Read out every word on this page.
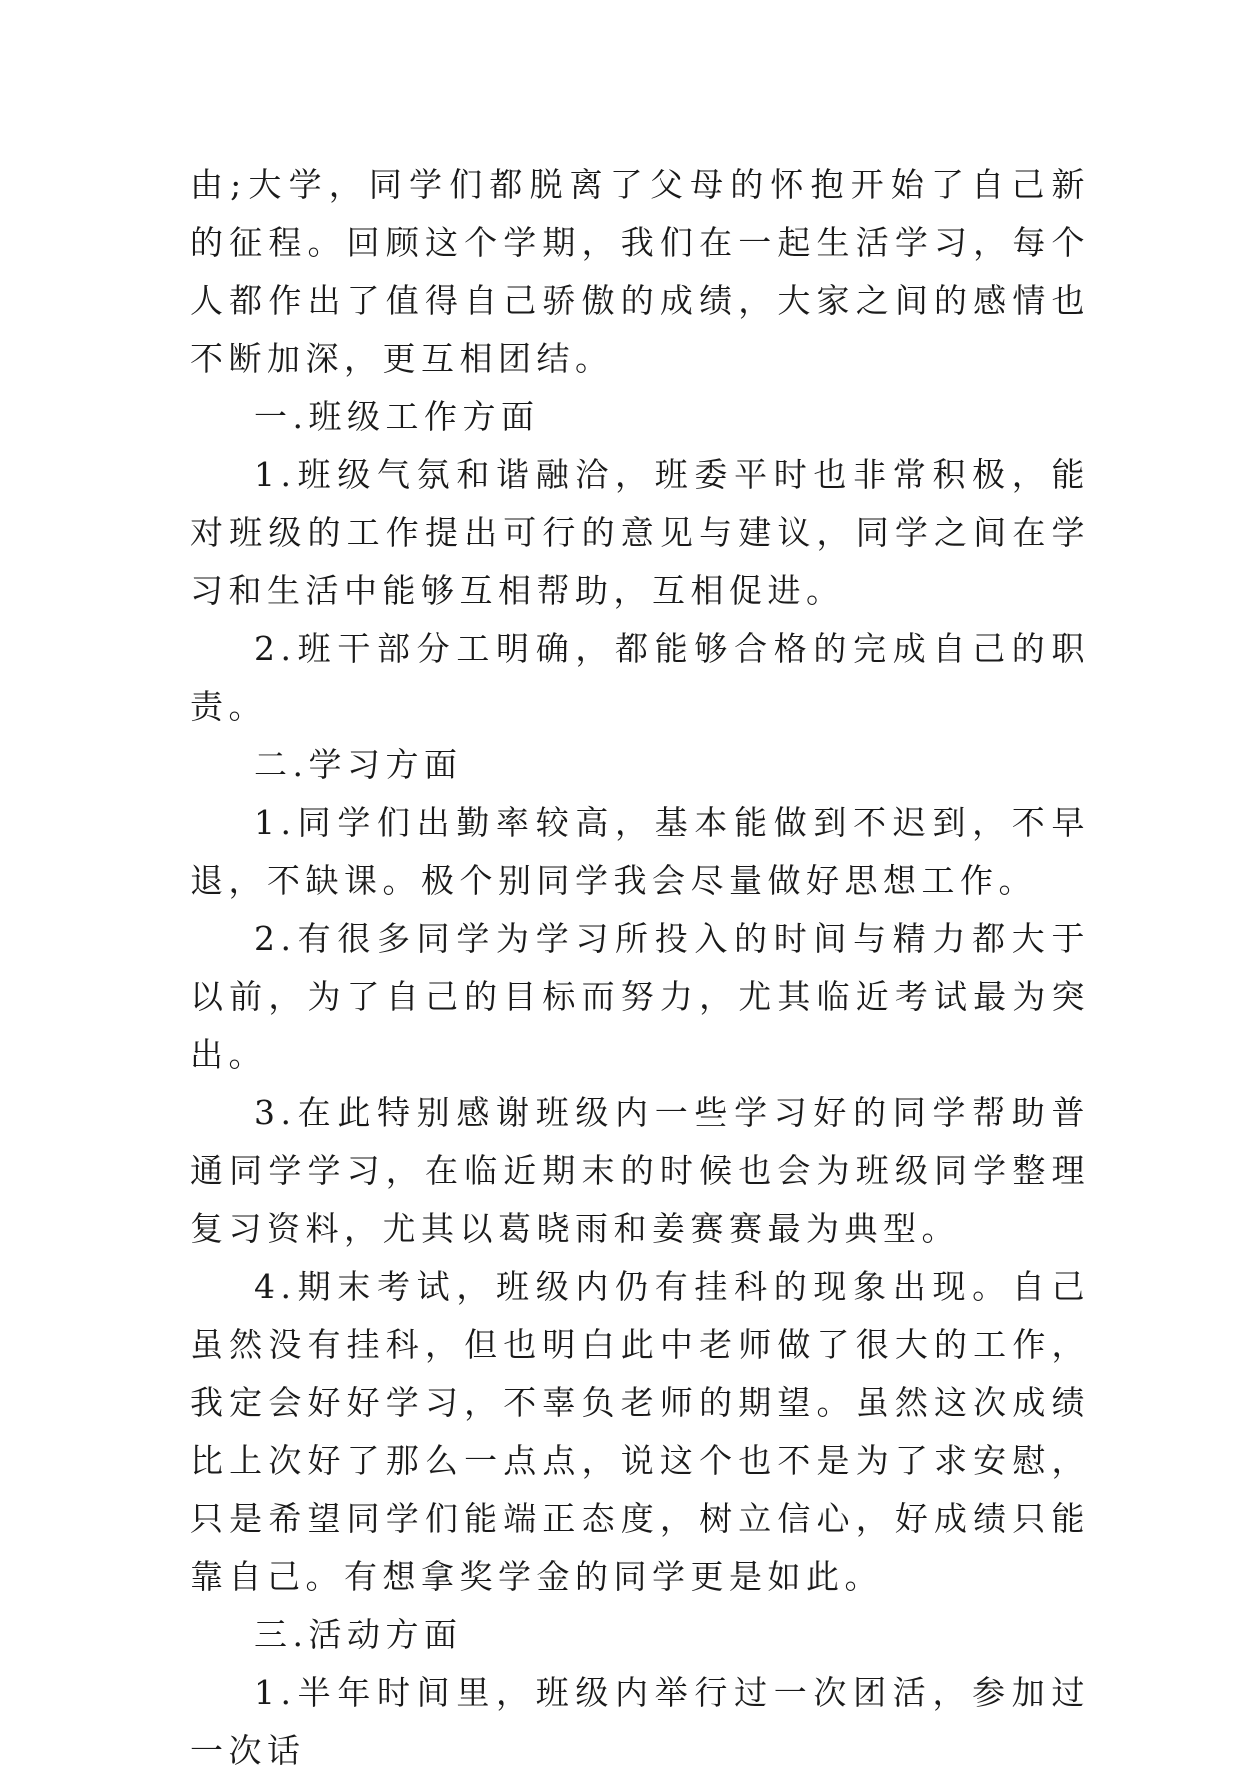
由;大学，同学们都脱离了父母的怀抱开始了自己新的征程。回顾这个学期，我们在一起生活学习，每个人都作出了值得自己骄傲的成绩，大家之间的感情也不断加深，更互相团结。

一.班级工作方面

1.班级气氛和谐融洽，班委平时也非常积极，能对班级的工作提出可行的意见与建议，同学之间在学习和生活中能够互相帮助，互相促进。

2.班干部分工明确，都能够合格的完成自己的职责。

二.学习方面

1.同学们出勤率较高，基本能做到不迟到，不早退，不缺课。极个别同学我会尽量做好思想工作。

2.有很多同学为学习所投入的时间与精力都大于以前，为了自己的目标而努力，尤其临近考试最为突出。

3.在此特别感谢班级内一些学习好的同学帮助普通同学学习，在临近期末的时候也会为班级同学整理复习资料，尤其以葛晓雨和姜赛赛最为典型。

4.期末考试，班级内仍有挂科的现象出现。自己虽然没有挂科，但也明白此中老师做了很大的工作，我定会好好学习，不辜负老师的期望。虽然这次成绩比上次好了那么一点点，说这个也不是为了求安慰，只是希望同学们能端正态度，树立信心，好成绩只能靠自己。有想拿奖学金的同学更是如此。

三.活动方面

1.半年时间里，班级内举行过一次团活，参加过一次话
